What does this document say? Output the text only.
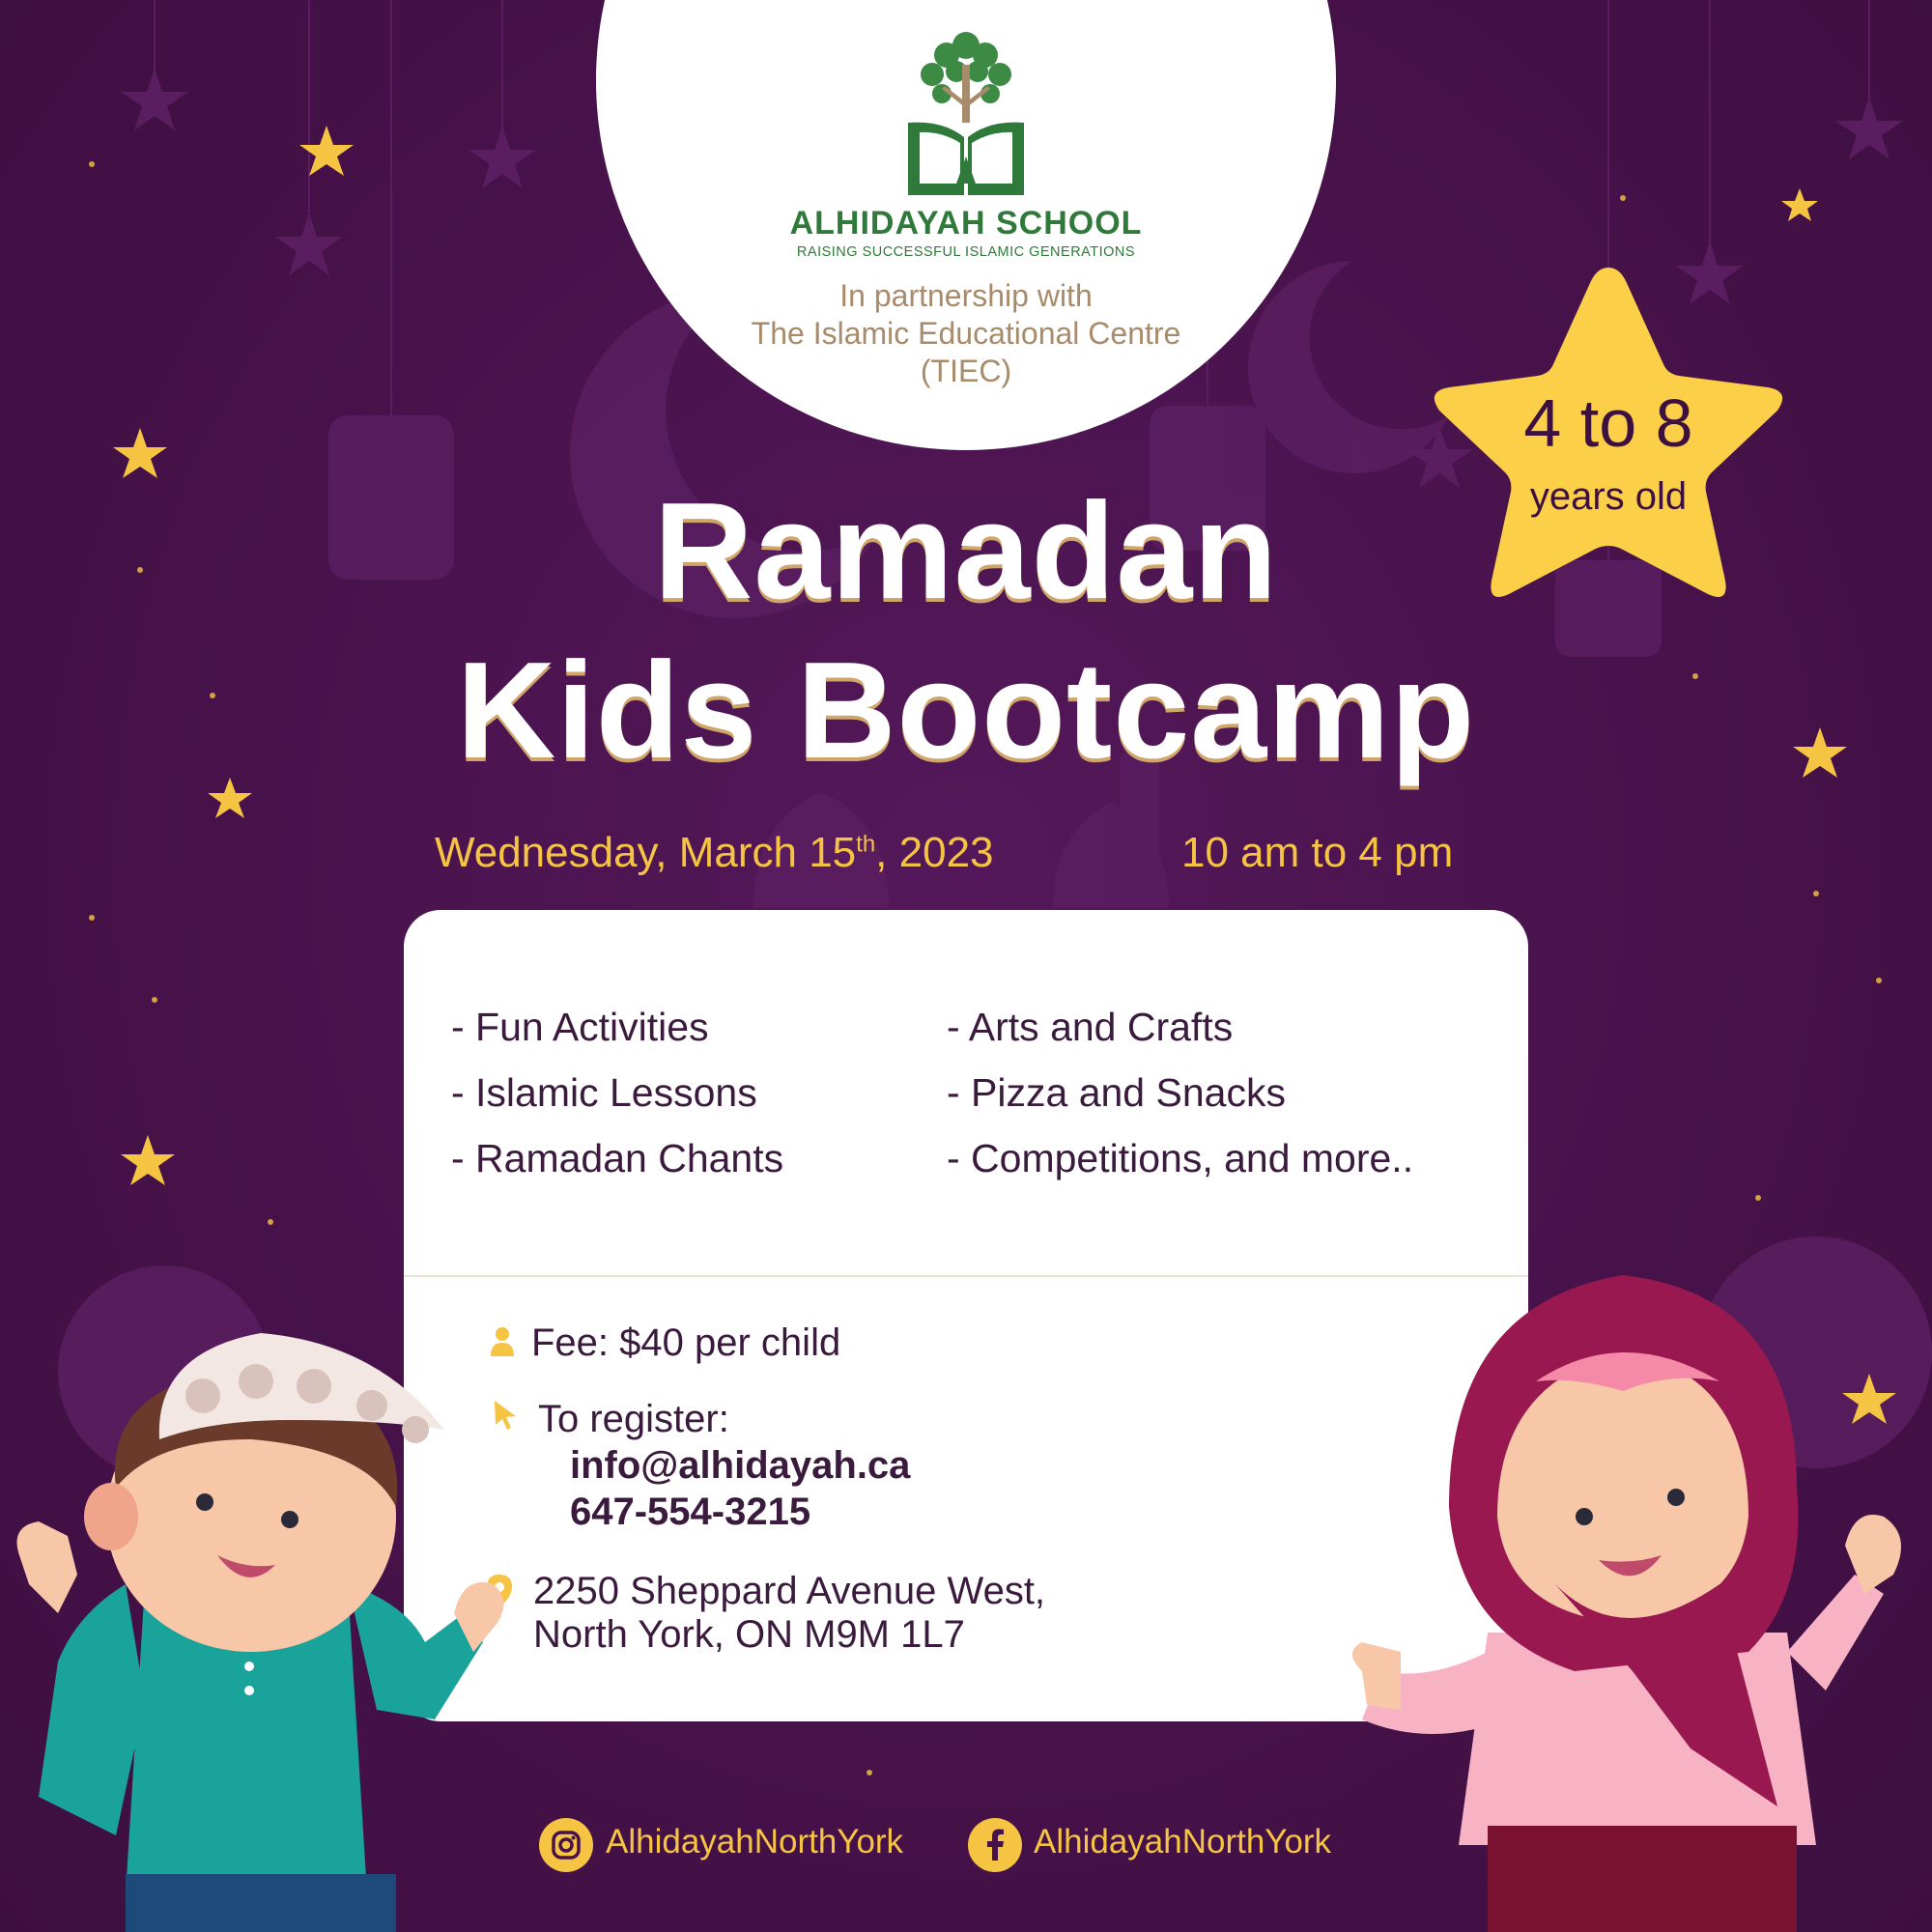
ALHIDAYAH SCHOOL
RAISING SUCCESSFUL ISLAMIC GENERATIONS
In partnership with
The Islamic Educational Centre
(TIEC)
4 to 8
years old
Ramadan
Kids Bootcamp
Wednesday, March 15th, 2023	10 am to 4 pm
- Fun Activities
- Islamic Lessons
- Ramadan Chants
- Arts and Crafts
- Pizza and Snacks
- Competitions, and more..
Fee: $40 per child
To register:
info@alhidayah.ca
647-554-3215
2250 Sheppard Avenue West,
North York, ON M9M 1L7
AlhidayahNorthYork	AlhidayahNorthYork
